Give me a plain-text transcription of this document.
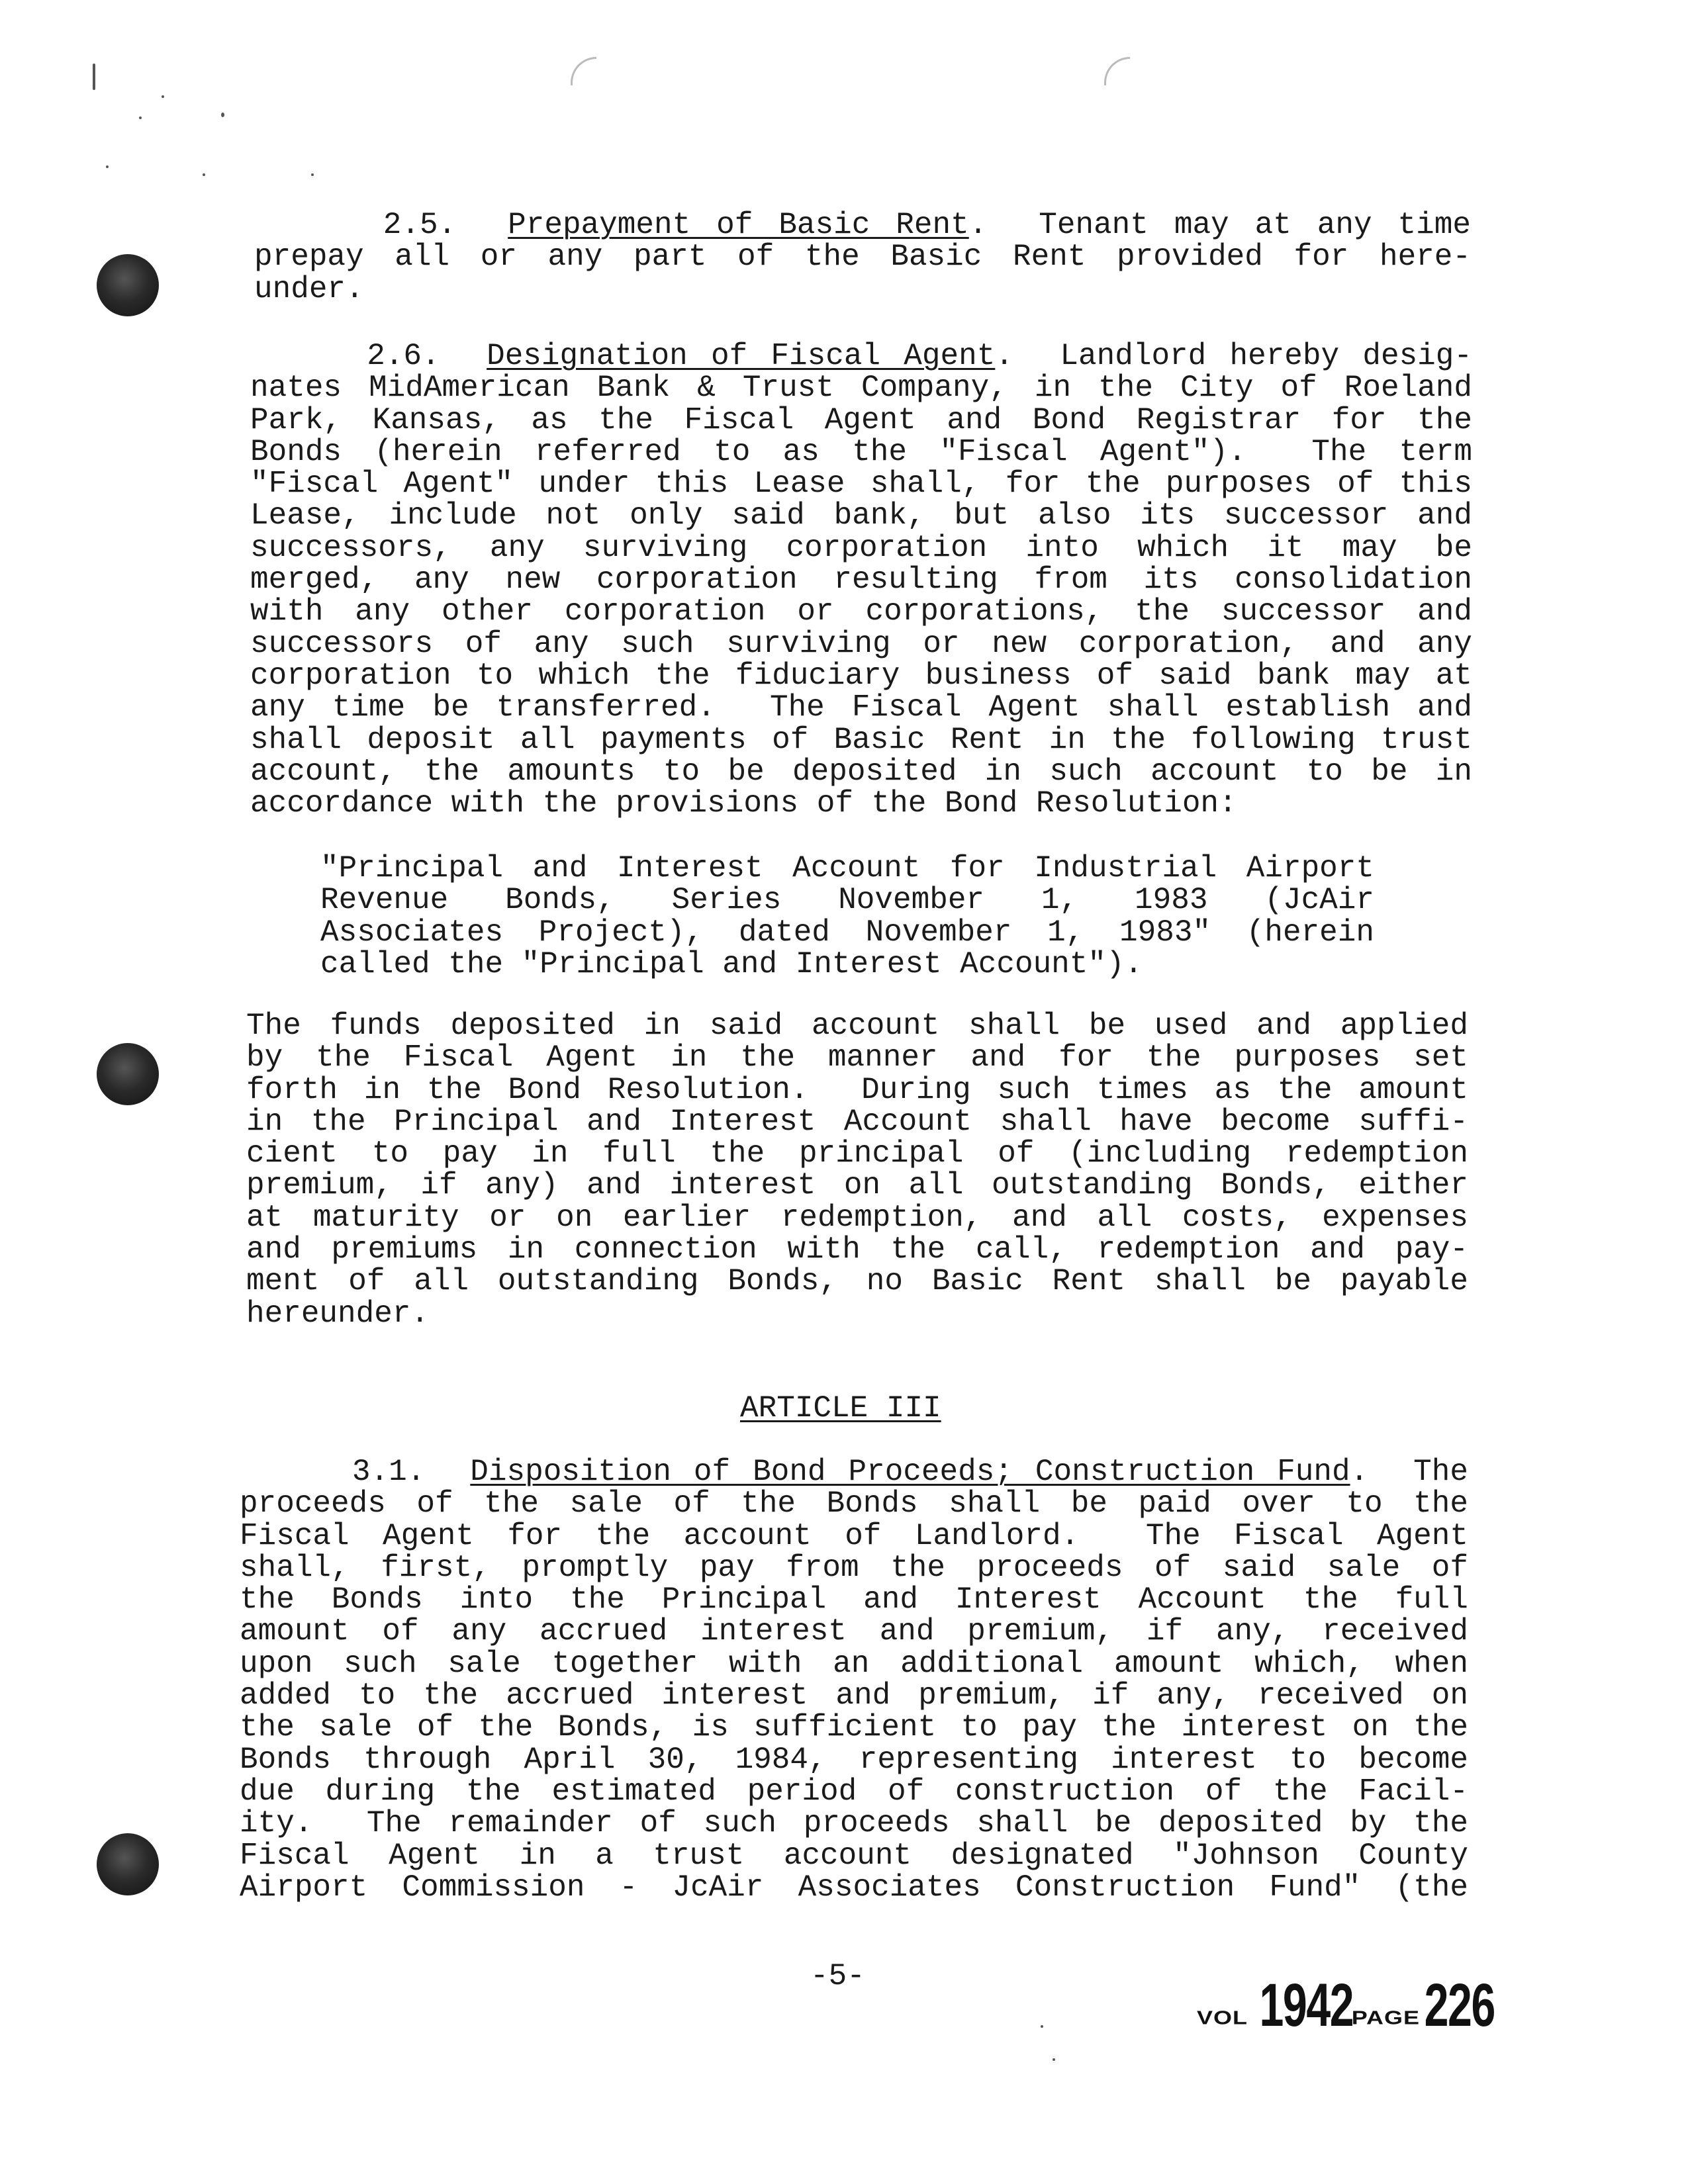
2.5. Prepayment of Basic Rent.  Tenant may at any time
prepay all or any part of the Basic Rent provided for here-
under.
2.6. Designation of Fiscal Agent.  Landlord hereby desig-
nates MidAmerican Bank & Trust Company, in the City of Roeland
Park, Kansas, as the Fiscal Agent and Bond Registrar for the
Bonds (herein referred to as the "Fiscal Agent").  The term
"Fiscal Agent" under this Lease shall, for the purposes of this
Lease, include not only said bank, but also its successor and
successors, any surviving corporation into which it may be
merged, any new corporation resulting from its consolidation
with any other corporation or corporations, the successor and
successors of any such surviving or new corporation, and any
corporation to which the fiduciary business of said bank may at
any time be transferred.  The Fiscal Agent shall establish and
shall deposit all payments of Basic Rent in the following trust
account, the amounts to be deposited in such account to be in
accordance with the provisions of the Bond Resolution:
"Principal and Interest Account for Industrial Airport
Revenue Bonds, Series November 1, 1983 (JcAir
Associates Project), dated November 1, 1983" (herein
called the "Principal and Interest Account").
The funds deposited in said account shall be used and applied
by the Fiscal Agent in the manner and for the purposes set
forth in the Bond Resolution.  During such times as the amount
in the Principal and Interest Account shall have become suffi-
cient to pay in full the principal of (including redemption
premium, if any) and interest on all outstanding Bonds, either
at maturity or on earlier redemption, and all costs, expenses
and premiums in connection with the call, redemption and pay-
ment of all outstanding Bonds, no Basic Rent shall be payable
hereunder.
ARTICLE III
3.1. Disposition of Bond Proceeds; Construction Fund.  The
proceeds of the sale of the Bonds shall be paid over to the
Fiscal Agent for the account of Landlord.  The Fiscal Agent
shall, first, promptly pay from the proceeds of said sale of
the Bonds into the Principal and Interest Account the full
amount of any accrued interest and premium, if any, received
upon such sale together with an additional amount which, when
added to the accrued interest and premium, if any, received on
the sale of the Bonds, is sufficient to pay the interest on the
Bonds through April 30, 1984, representing interest to become
due during the estimated period of construction of the Facil-
ity.  The remainder of such proceeds shall be deposited by the
Fiscal Agent in a trust account designated "Johnson County
Airport Commission - JcAir Associates Construction Fund" (the
-5-
VOL 1942
PAGE 226
